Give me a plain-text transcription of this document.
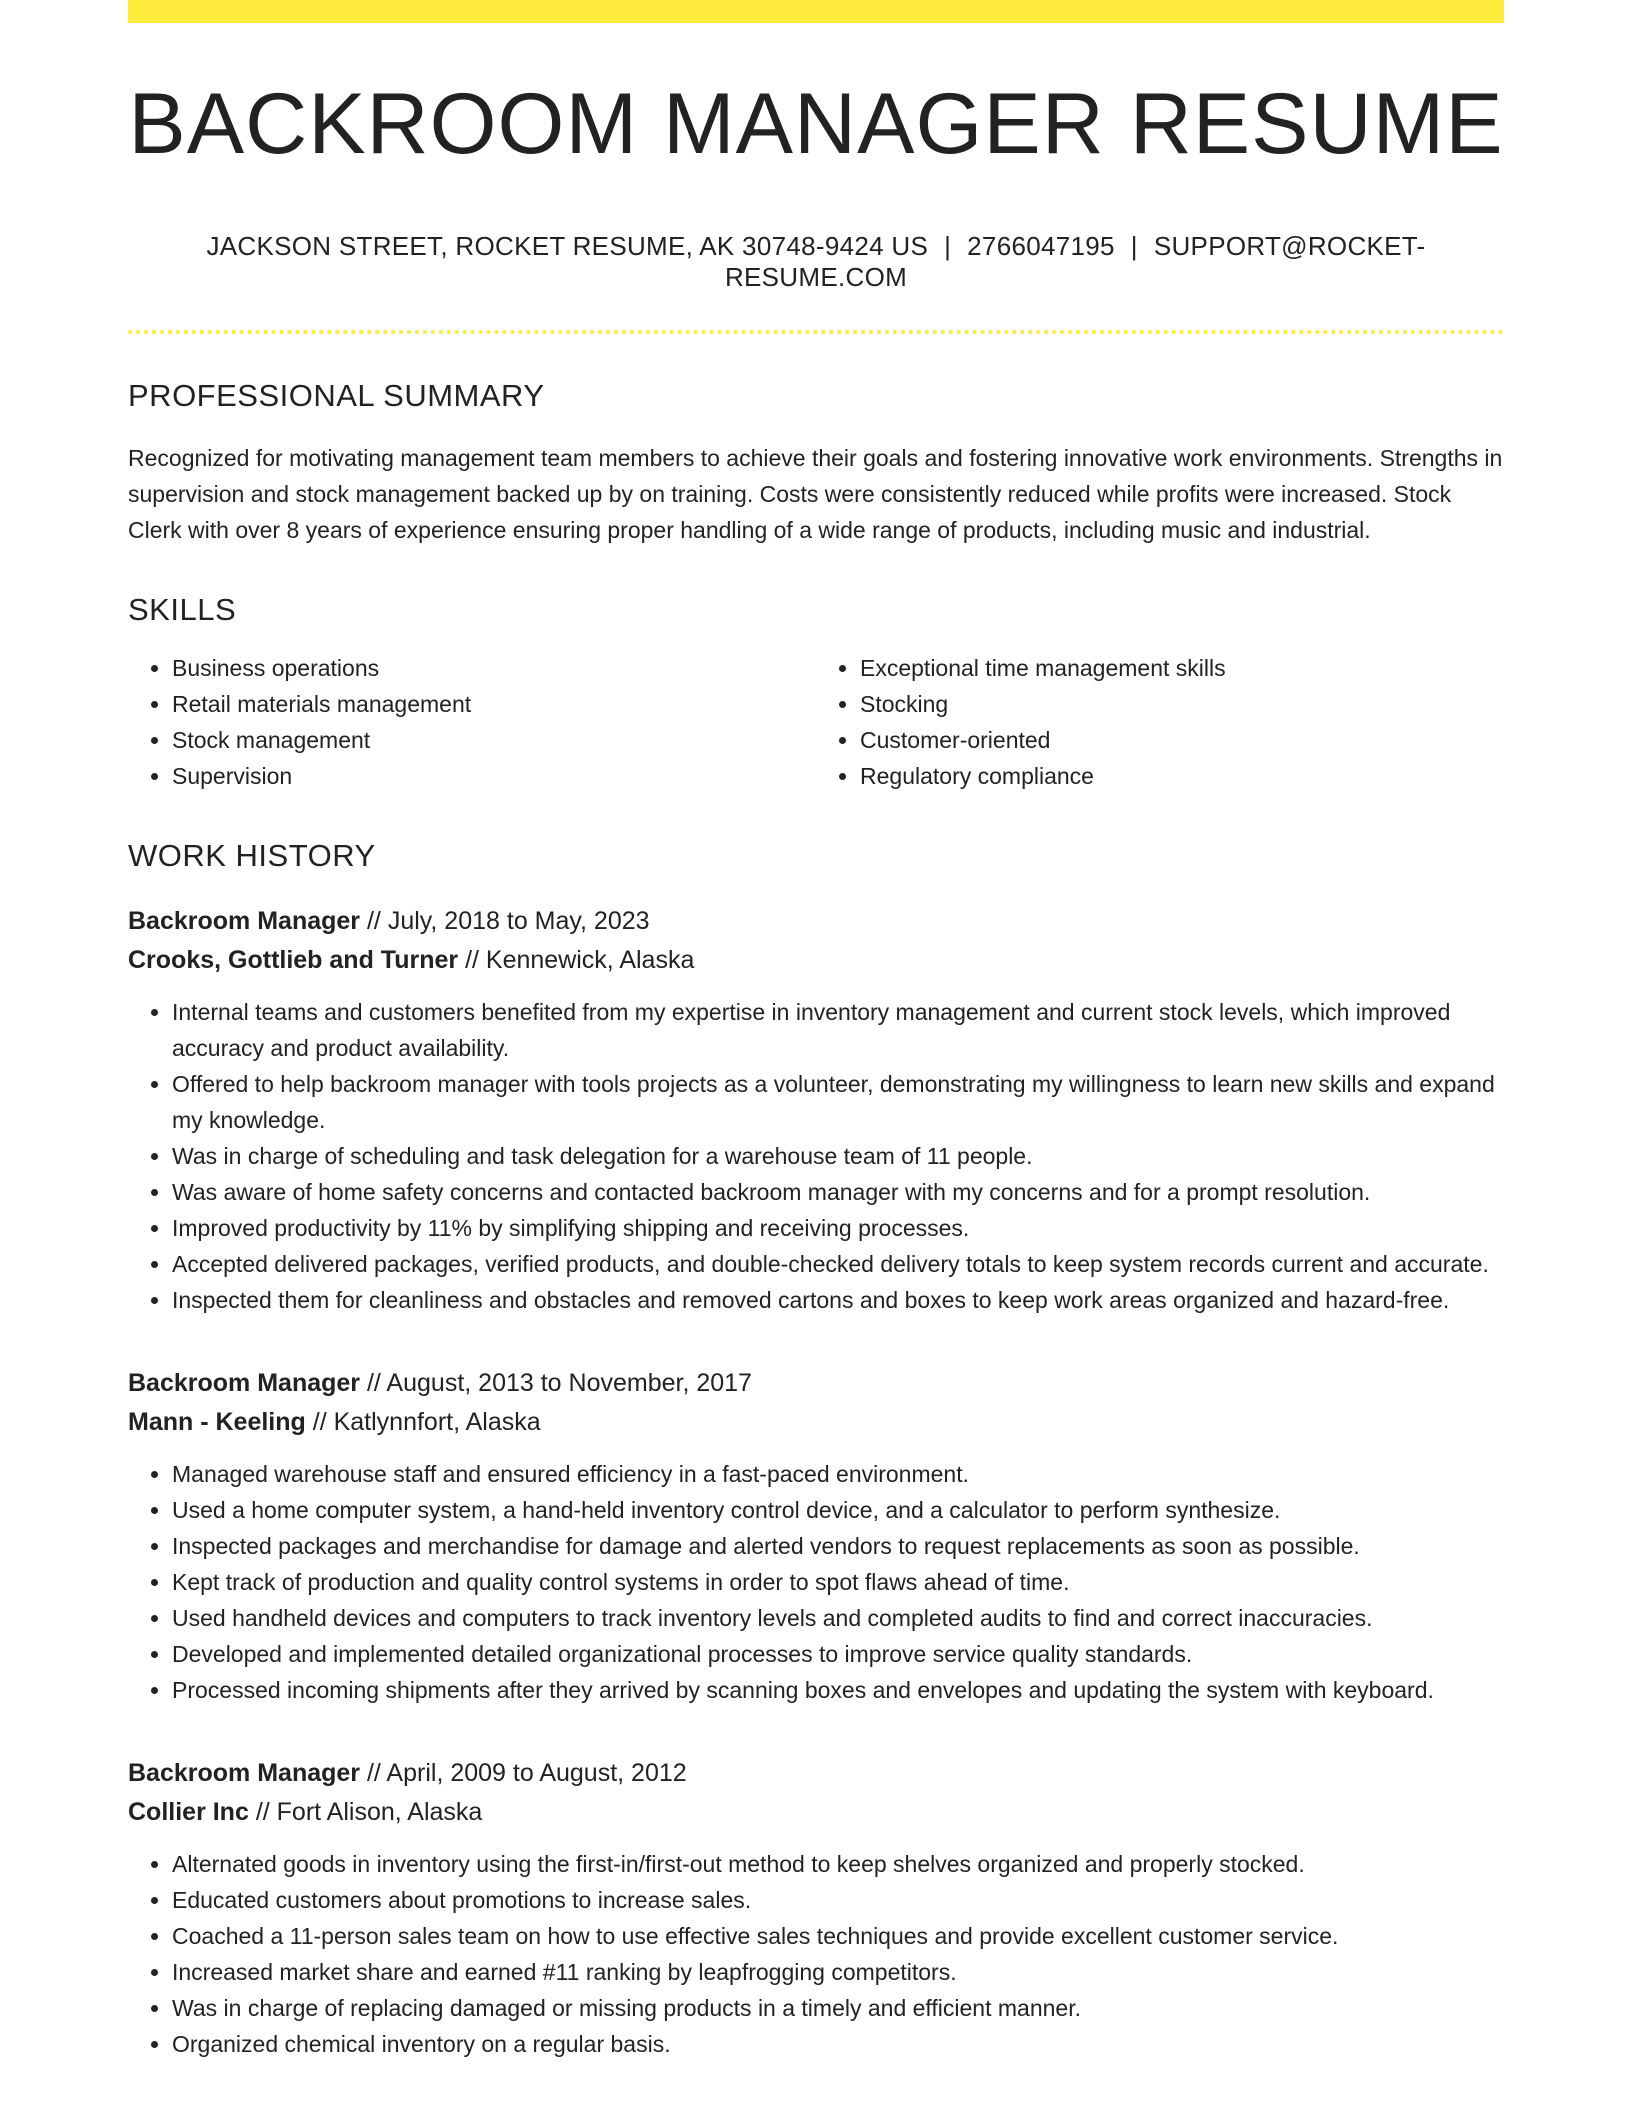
BACKROOM MANAGER RESUME
JACKSON STREET, ROCKET RESUME, AK 30748-9424 US | 2766047195 | SUPPORT@ROCKET-RESUME.COM
PROFESSIONAL SUMMARY

Recognized for motivating management team members to achieve their goals and fostering innovative work environments. Strengths in supervision and stock management backed up by on training. Costs were consistently reduced while profits were increased. Stock Clerk with over 8 years of experience ensuring proper handling of a wide range of products, including music and industrial.

SKILLS
• Business operations
• Retail materials management
• Stock management
• Supervision
• Exceptional time management skills
• Stocking
• Customer-oriented
• Regulatory compliance
WORK HISTORY
Backroom Manager // July, 2018 to May, 2023
Crooks, Gottlieb and Turner // Kennewick, Alaska
• Internal teams and customers benefited from my expertise in inventory management and current stock levels, which improved accuracy and product availability.
• Offered to help backroom manager with tools projects as a volunteer, demonstrating my willingness to learn new skills and expand my knowledge.
• Was in charge of scheduling and task delegation for a warehouse team of 11 people.
• Was aware of home safety concerns and contacted backroom manager with my concerns and for a prompt resolution.
• Improved productivity by 11% by simplifying shipping and receiving processes.
• Accepted delivered packages, verified products, and double-checked delivery totals to keep system records current and accurate.
• Inspected them for cleanliness and obstacles and removed cartons and boxes to keep work areas organized and hazard-free.
Backroom Manager // August, 2013 to November, 2017
Mann - Keeling // Katlynnfort, Alaska
• Managed warehouse staff and ensured efficiency in a fast-paced environment.
• Used a home computer system, a hand-held inventory control device, and a calculator to perform synthesize.
• Inspected packages and merchandise for damage and alerted vendors to request replacements as soon as possible.
• Kept track of production and quality control systems in order to spot flaws ahead of time.
• Used handheld devices and computers to track inventory levels and completed audits to find and correct inaccuracies.
• Developed and implemented detailed organizational processes to improve service quality standards.
• Processed incoming shipments after they arrived by scanning boxes and envelopes and updating the system with keyboard.
Backroom Manager // April, 2009 to August, 2012
Collier Inc // Fort Alison, Alaska
• Alternated goods in inventory using the first-in/first-out method to keep shelves organized and properly stocked.
• Educated customers about promotions to increase sales.
• Coached a 11-person sales team on how to use effective sales techniques and provide excellent customer service.
• Increased market share and earned #11 ranking by leapfrogging competitors.
• Was in charge of replacing damaged or missing products in a timely and efficient manner.
• Organized chemical inventory on a regular basis.
